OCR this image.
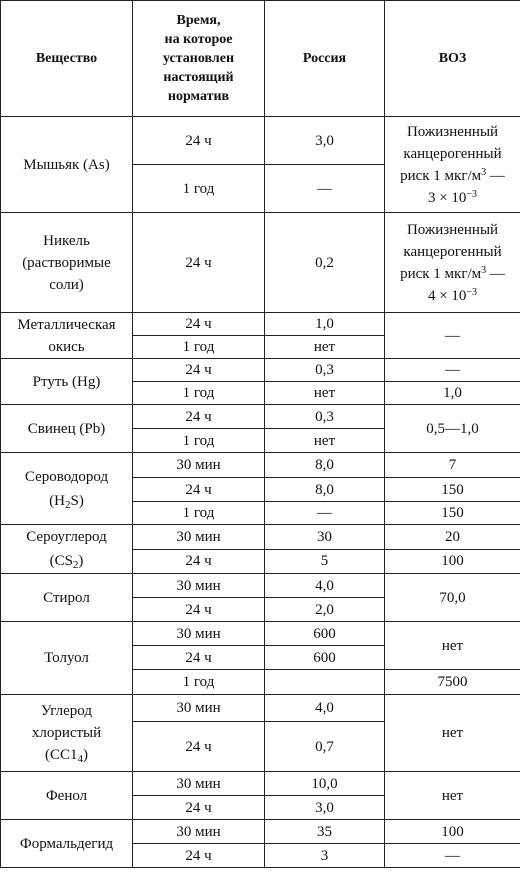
Вещество	Время,
на которое
установлен
настоящий
норматив	Россия	ВОЗ
Мышьяк (As)	24 ч	3,0	Пожизненный канцерогенный риск 1 мкг/$м^3$ —
$3 \times 10^{-3}$
	1 год	—	
Никель (растворимые соли)	24 ч	0,2	Пожизненный канцерогенный риск 1 мкг/$м^3$ —
$4 \times 10^{-3}$
Металлическая окись	24 ч	1,0	—
	1 год	нет	
Ртуть (Hg)	24 ч	0,3	—
	1 год	нет	1,0
Свинец (Pb)	24 ч	0,3	0,5—1,0
	1 год	нет	
Сероводород
$(H_2S)$	30 мин	8,0	7
	24 ч	8,0	150
	1 год	—	150
Сероуглерод
$(CS_2)$	30 мин	30	20
	24 ч	5	100
Стирол	30 мин	4,0	70,0
	24 ч	2,0	
Толуол	30 мин	600	нет
	24 ч	600	
	1 год		7500
Углерод хлористый
$(CC1_4)$	30 мин	4,0	нет
	24 ч	0,7	
Фенол	30 мин	10,0	нет
	24 ч	3,0	
Формальдегид	30 мин	35	100
	24 ч	3	—
